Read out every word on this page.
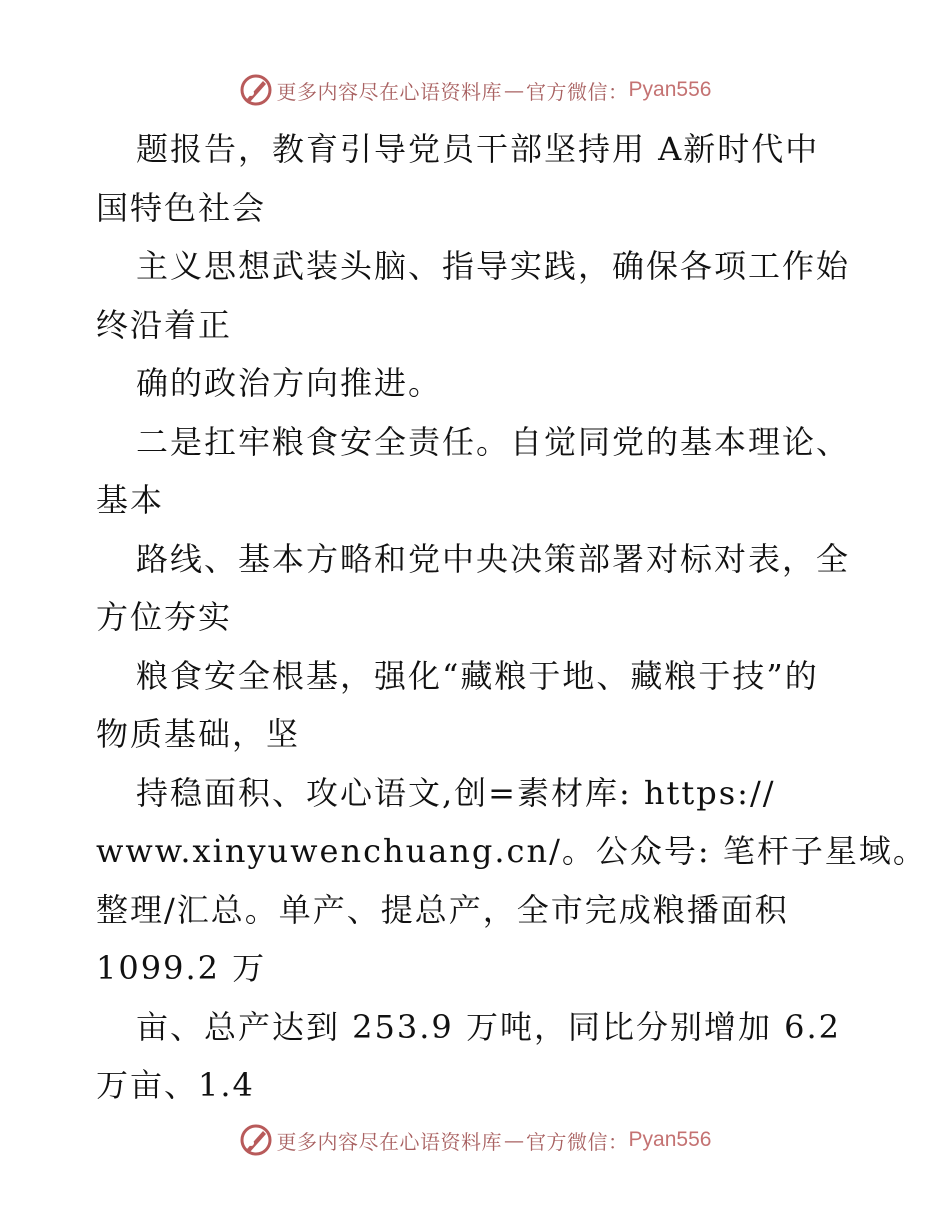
更多内容尽在心语资料库 — 官方微信： Pyan556
题报告，教育引导党员干部坚持用 A新时代中
国特色社会
主义思想武装头脑、指导实践，确保各项工作始
终沿着正
确的政治方向推进。
二是扛牢粮食安全责任。自觉同党的基本理论、
基本
路线、基本方略和党中央决策部署对标对表，全
方位夯实
粮食安全根基，强化“藏粮于地、藏粮于技”的
物质基础，坚
持稳面积、攻心语文,创=素材库: https://
www.xinyuwenchuang.cn/。公众号: 笔杆子星域。
整理/汇总。单产、提总产，全市完成粮播面积
1099.2 万
亩、总产达到 253.9 万吨，同比分别增加 6.2
万亩、1.4
更多内容尽在心语资料库 — 官方微信： Pyan556
